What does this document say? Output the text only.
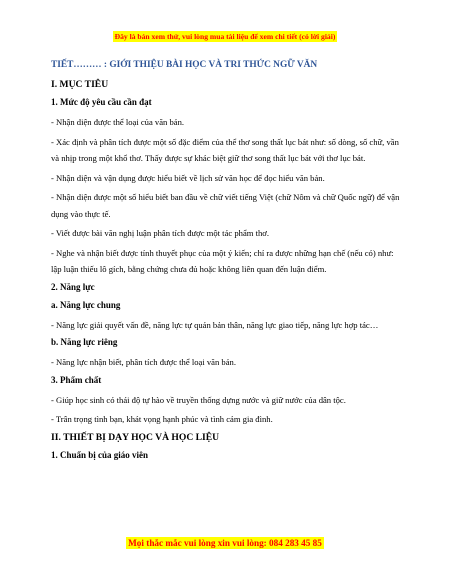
Đây là bản xem thử, vui lòng mua tài liệu để xem chi tiết (có lời giải)
TIẾT……… : GIỚI THIỆU BÀI HỌC VÀ TRI THỨC NGỮ VĂN
I. MỤC TIÊU
1. Mức độ yêu cầu cần đạt
- Nhận diện được thể loại của văn bản.
- Xác định và phân tích được một số đặc điểm của thể thơ song thất lục bát như: số dòng, số chữ, vần và nhịp trong một khổ thơ. Thấy được sự khác biệt giữ thơ song thất lục bát với thơ lục bát.
- Nhận diện và vận dụng được hiểu biết về lịch sử văn học để đọc hiểu văn bản.
- Nhận diện được một số hiểu biết ban đầu về chữ viết tiếng Việt (chữ Nôm và chữ Quốc ngữ) để vận dụng vào thực tế.
- Viết được bài văn nghị luận phân tích được một tác phẩm thơ.
- Nghe và nhận biết được tính thuyết phục của một ý kiến; chỉ ra được những hạn chế (nếu có) như: lập luận thiếu lô gích, bằng chứng chưa đủ hoặc không liên quan đến luận điểm.
2. Năng lực
a. Năng lực chung
- Năng lực giải quyết vấn đề, năng lực tự quản bản thân, năng lực giao tiếp, năng lực hợp tác…
b. Năng lực riêng
- Năng lực nhận biết, phân tích được thể loại văn bản.
3. Phẩm chất
- Giúp học sinh có thái độ tự hào về truyền thống dựng nước và giữ nước của dân tộc.
- Trân trọng tình bạn, khát vọng hạnh phúc và tình cảm gia đình.
II. THIẾT BỊ DẠY HỌC VÀ HỌC LIỆU
1. Chuẩn bị của giáo viên
Mọi thắc mắc vui lòng xin vui lòng: 084 283 45 85
